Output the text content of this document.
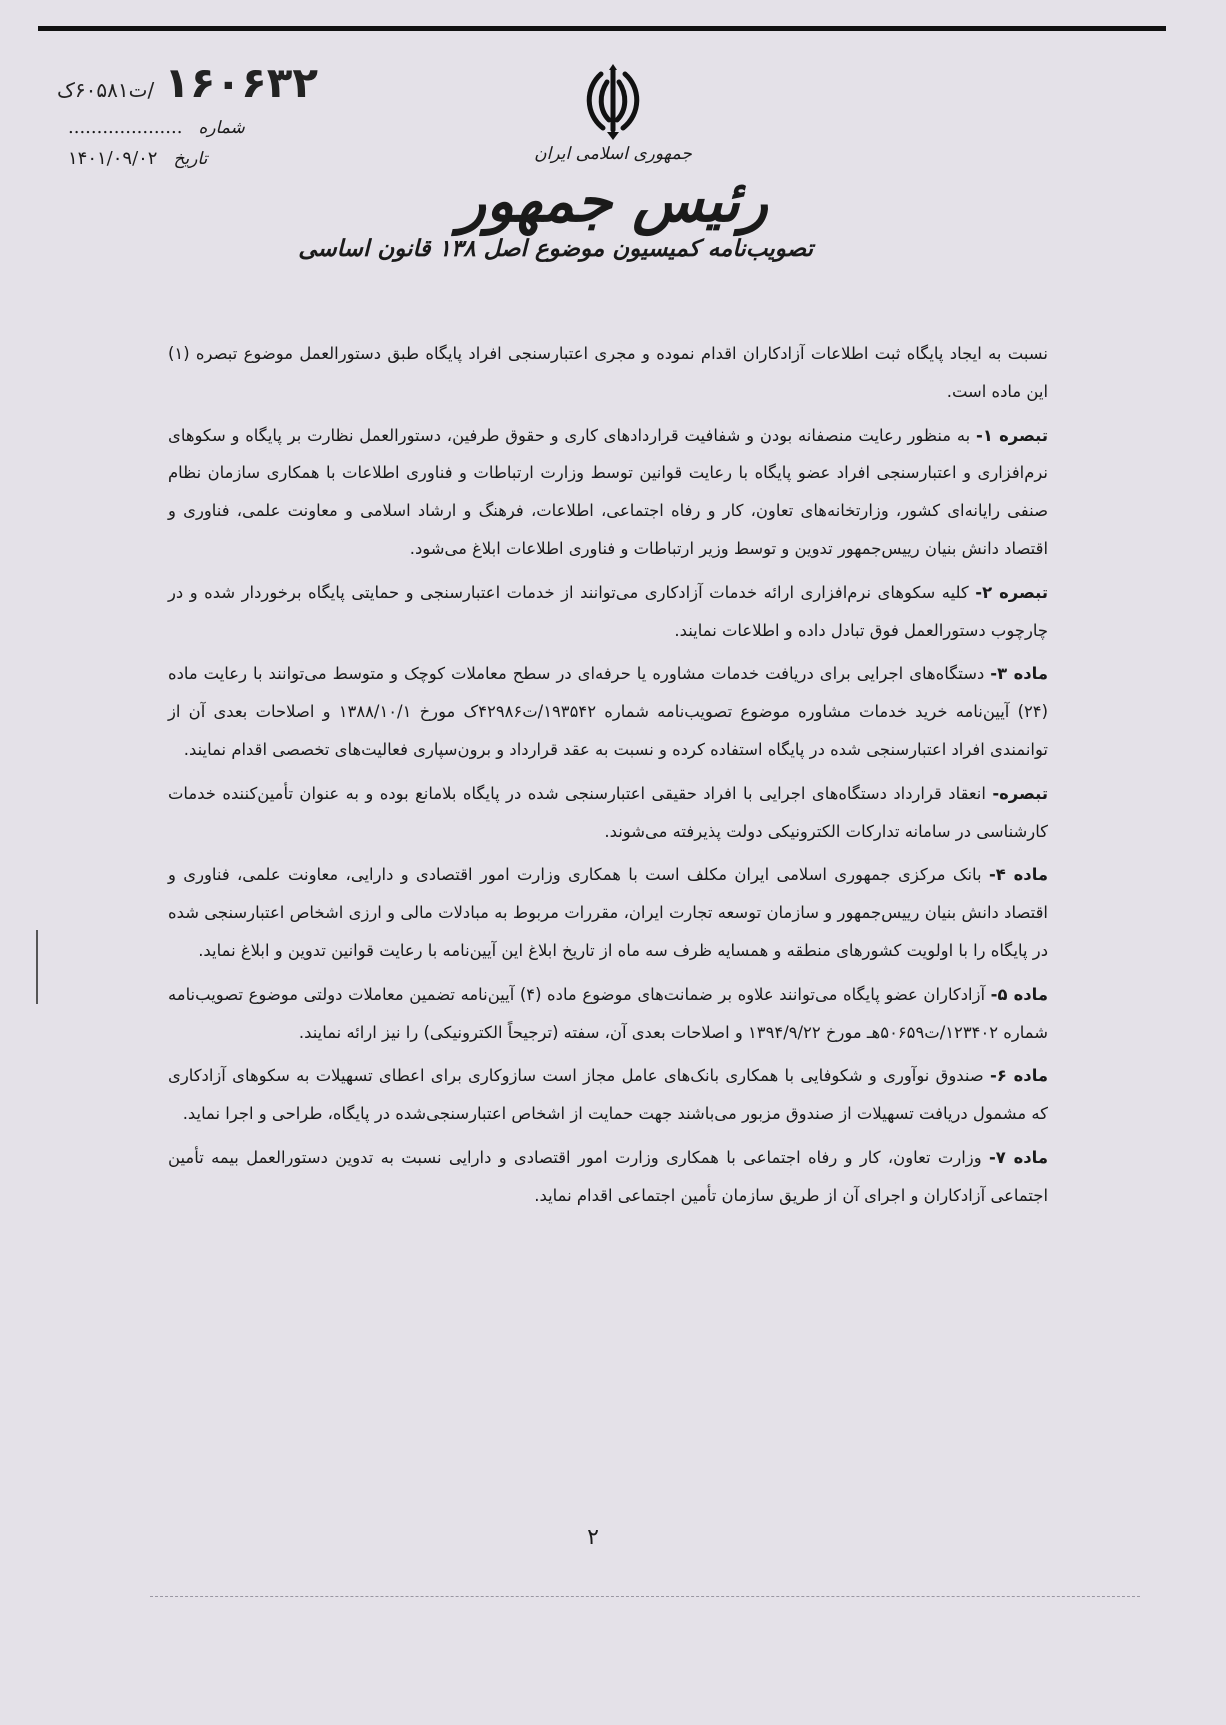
ت۶۰۵۸۱ک/ ۱۶۰۶۳۲
.................... شماره
۱۴۰۱/۰۹/۰۲ تاریخ	جمهوری اسلامی ایران
رئیس جمهور
تصویب‌نامه کمیسیون موضوع اصل ۱۳۸ قانون اساسی

نسبت به ایجاد پایگاه ثبت اطلاعات آزادکاران اقدام نموده و مجری اعتبارسنجی افراد پایگاه طبق دستورالعمل موضوع تبصره (۱) این ماده است.

تبصره ۱- به منظور رعایت منصفانه بودن و شفافیت قراردادهای کاری و حقوق طرفین، دستورالعمل نظارت بر پایگاه و سکوهای نرم‌افزاری و اعتبارسنجی افراد عضو پایگاه با رعایت قوانین توسط وزارت ارتباطات و فناوری اطلاعات با همکاری سازمان نظام صنفی رایانه‌ای کشور، وزارتخانه‌های تعاون، کار و رفاه اجتماعی، اطلاعات، فرهنگ و ارشاد اسلامی و معاونت علمی، فناوری و اقتصاد دانش بنیان رییس‌جمهور تدوین و توسط وزیر ارتباطات و فناوری اطلاعات ابلاغ می‌شود.

تبصره ۲- کلیه سکوهای نرم‌افزاری ارائه خدمات آزادکاری می‌توانند از خدمات اعتبارسنجی و حمایتی پایگاه برخوردار شده و در چارچوب دستورالعمل فوق تبادل داده و اطلاعات نمایند.

ماده ۳- دستگاه‌های اجرایی برای دریافت خدمات مشاوره یا حرفه‌ای در سطح معاملات کوچک و متوسط می‌توانند با رعایت ماده (۲۴) آیین‌نامه خرید خدمات مشاوره موضوع تصویب‌نامه شماره ۱۹۳۵۴۲/ت۴۲۹۸۶ک مورخ ۱۳۸۸/۱۰/۱ و اصلاحات بعدی آن از توانمندی افراد اعتبارسنجی شده در پایگاه استفاده کرده و نسبت به عقد قرارداد و برون‌سپاری فعالیت‌های تخصصی اقدام نمایند.

تبصره- انعقاد قرارداد دستگاه‌های اجرایی با افراد حقیقی اعتبارسنجی شده در پایگاه بلامانع بوده و به عنوان تأمین‌کننده خدمات کارشناسی در سامانه تدارکات الکترونیکی دولت پذیرفته می‌شوند.

ماده ۴- بانک مرکزی جمهوری اسلامی ایران مکلف است با همکاری وزارت امور اقتصادی و دارایی، معاونت علمی، فناوری و اقتصاد دانش بنیان رییس‌جمهور و سازمان توسعه تجارت ایران، مقررات مربوط به مبادلات مالی و ارزی اشخاص اعتبارسنجی شده در پایگاه را با اولویت کشورهای منطقه و همسایه ظرف سه ماه از تاریخ ابلاغ این آیین‌نامه با رعایت قوانین تدوین و ابلاغ نماید.

ماده ۵- آزادکاران عضو پایگاه می‌توانند علاوه بر ضمانت‌های موضوع ماده (۴) آیین‌نامه تضمین معاملات دولتی موضوع تصویب‌نامه شماره ۱۲۳۴۰۲/ت۵۰۶۵۹هـ مورخ ۱۳۹۴/۹/۲۲ و اصلاحات بعدی آن، سفته (ترجیحاً الکترونیکی) را نیز ارائه نمایند.

ماده ۶- صندوق نوآوری و شکوفایی با همکاری بانک‌های عامل مجاز است سازوکاری برای اعطای تسهیلات به سکوهای آزادکاری که مشمول دریافت تسهیلات از صندوق مزبور می‌باشند جهت حمایت از اشخاص اعتبارسنجی‌شده در پایگاه، طراحی و اجرا نماید.

ماده ۷- وزارت تعاون، کار و رفاه اجتماعی با همکاری وزارت امور اقتصادی و دارایی نسبت به تدوین دستورالعمل بیمه تأمین اجتماعی آزادکاران و اجرای آن از طریق سازمان تأمین اجتماعی اقدام نماید.

۲
